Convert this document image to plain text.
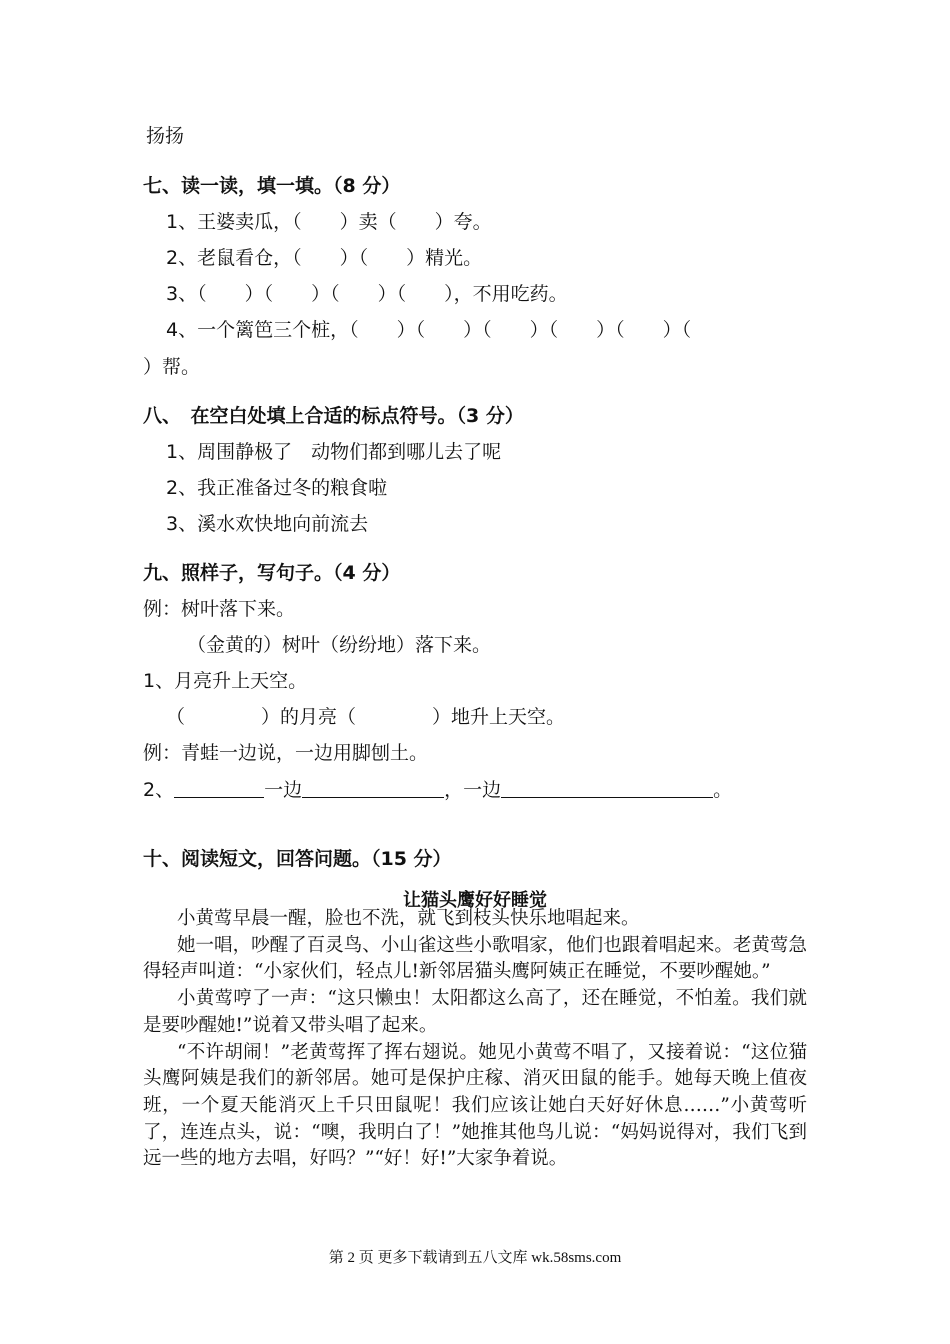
扬扬
七、读一读，填一填。（8 分）
1、王婆卖瓜，（　　）卖（　　）夸。
2、老鼠看仓，（　　）（　　）精光。
3、（　　）（　　）（　　）（　　），不用吃药。
4、一个篱笆三个桩，（　　）（　　）（　　）（　　）（　　）（
）帮。
八、　在空白处填上合适的标点符号。（3 分）
1、周围静极了　动物们都到哪儿去了呢
2、我正准备过冬的粮食啦
3、溪水欢快地向前流去
九、照样子，写句子。（4 分）
例：树叶落下来。
（金黄的）树叶（纷纷地）落下来。
1、月亮升上天空。
（　　　　）的月亮（　　　　）地升上天空。
例：青蛙一边说，一边用脚刨土。
2、	一边	，一边	。
十、阅读短文，回答问题。（15 分）
让猫头鹰好好睡觉

小黄莺早晨一醒，脸也不洗，就飞到枝头快乐地唱起来。

她一唱，吵醒了百灵鸟、小山雀这些小歌唱家，他们也跟着唱起来。老黄莺急得轻声叫道：“小家伙们，轻点儿!新邻居猫头鹰阿姨正在睡觉，不要吵醒她。”

小黄莺哼了一声：“这只懒虫！太阳都这么高了，还在睡觉，不怕羞。我们就是要吵醒她!”说着又带头唱了起来。

“不许胡闹！”老黄莺挥了挥右翅说。她见小黄莺不唱了，又接着说：“这位猫头鹰阿姨是我们的新邻居。她可是保护庄稼、消灭田鼠的能手。她每天晚上值夜班，一个夏天能消灭上千只田鼠呢！我们应该让她白天好好休息……”小黄莺听了，连连点头，说：“噢，我明白了！”她推其他鸟儿说：“妈妈说得对，我们飞到远一些的地方去唱，好吗？”“好！好!”大家争着说。

第 2 页 更多下载请到五八文库 wk.58sms.com
